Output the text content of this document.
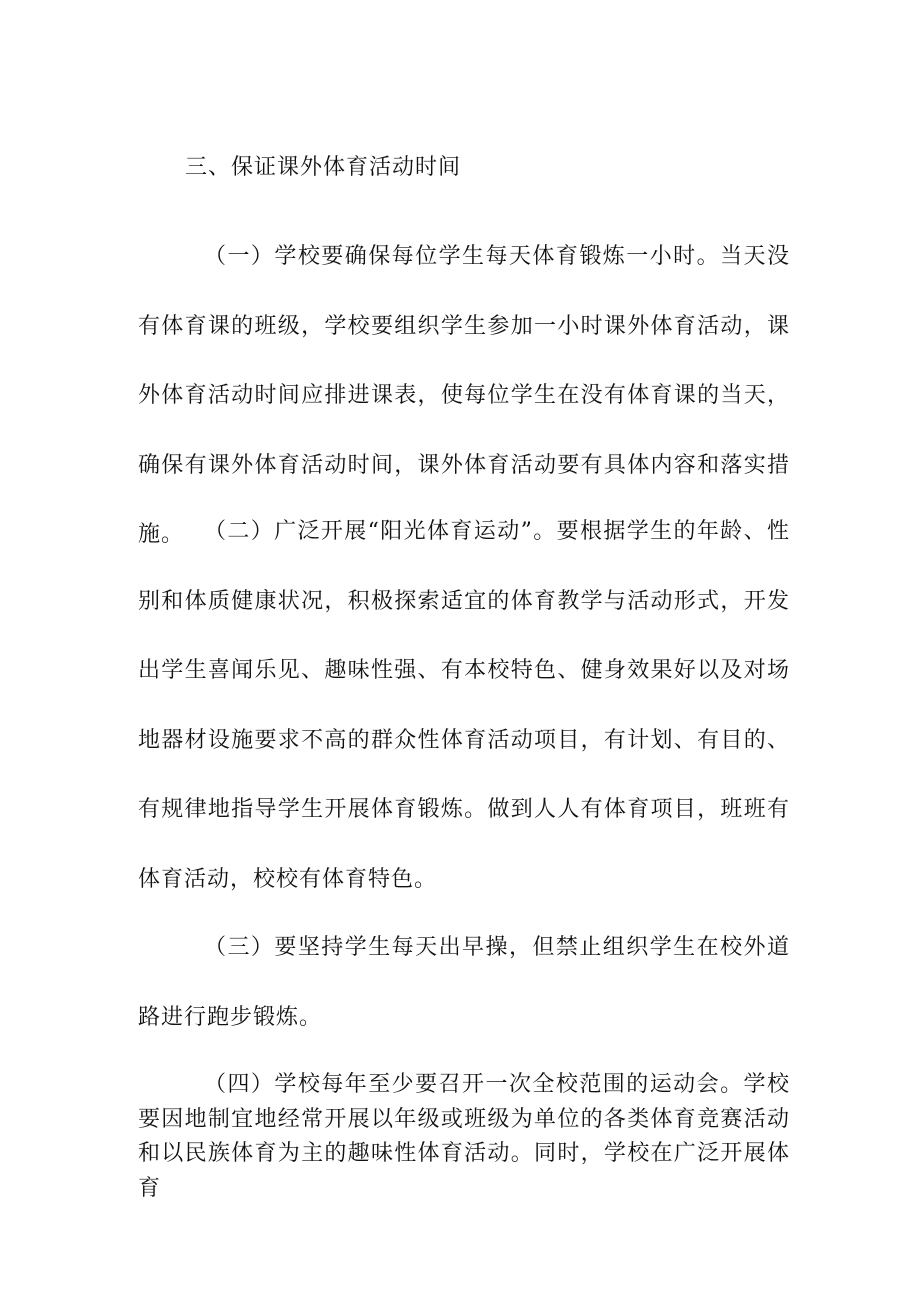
三、保证课外体育活动时间

（一）学校要确保每位学生每天体育锻炼一小时。当天没有体育课的班级，学校要组织学生参加一小时课外体育活动，课外体育活动时间应排进课表，使每位学生在没有体育课的当天，确保有课外体育活动时间，课外体育活动要有具体内容和落实措施。 （二）广泛开展“阳光体育运动”。要根据学生的年龄、性别和体质健康状况，积极探索适宜的体育教学与活动形式，开发出学生喜闻乐见、趣味性强、有本校特色、健身效果好以及对场地器材设施要求不高的群众性体育活动项目，有计划、有目的、有规律地指导学生开展体育锻炼。做到人人有体育项目，班班有体育活动，校校有体育特色。

（三）要坚持学生每天出早操，但禁止组织学生在校外道路进行跑步锻炼。

（四）学校每年至少要召开一次全校范围的运动会。学校要因地制宜地经常开展以年级或班级为单位的各类体育竞赛活动和以民族体育为主的趣味性体育活动。同时，学校在广泛开展体育
